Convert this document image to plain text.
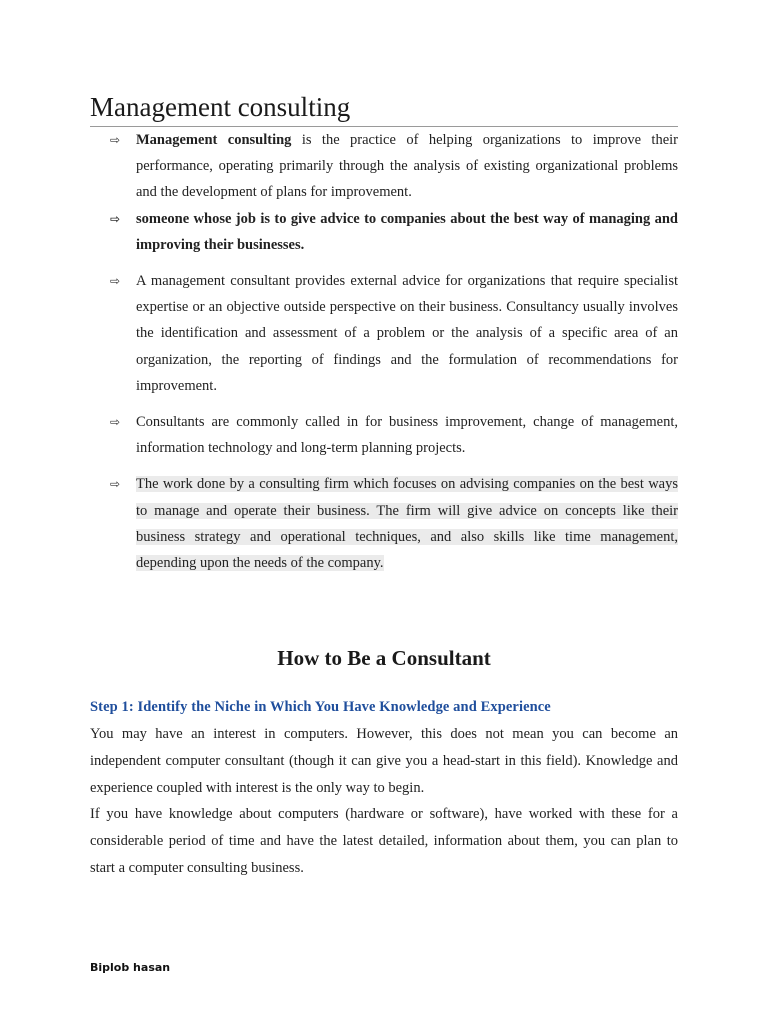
Management consulting
⇨ Management consulting is the practice of helping organizations to improve their performance, operating primarily through the analysis of existing organizational problems and the development of plans for improvement.
⇨ someone whose job is to give advice to companies about the best way of managing and improving their businesses.
⇨ A management consultant provides external advice for organizations that require specialist expertise or an objective outside perspective on their business. Consultancy usually involves the identification and assessment of a problem or the analysis of a specific area of an organization, the reporting of findings and the formulation of recommendations for improvement.
⇨ Consultants are commonly called in for business improvement, change of management, information technology and long-term planning projects.
⇨ The work done by a consulting firm which focuses on advising companies on the best ways to manage and operate their business. The firm will give advice on concepts like their business strategy and operational techniques, and also skills like time management, depending upon the needs of the company.
How to Be a Consultant
Step 1: Identify the Niche in Which You Have Knowledge and Experience

You may have an interest in computers. However, this does not mean you can become an independent computer consultant (though it can give you a head-start in this field). Knowledge and experience coupled with interest is the only way to begin.

If you have knowledge about computers (hardware or software), have worked with these for a considerable period of time and have the latest detailed, information about them, you can plan to start a computer consulting business.

Biplob hasan
